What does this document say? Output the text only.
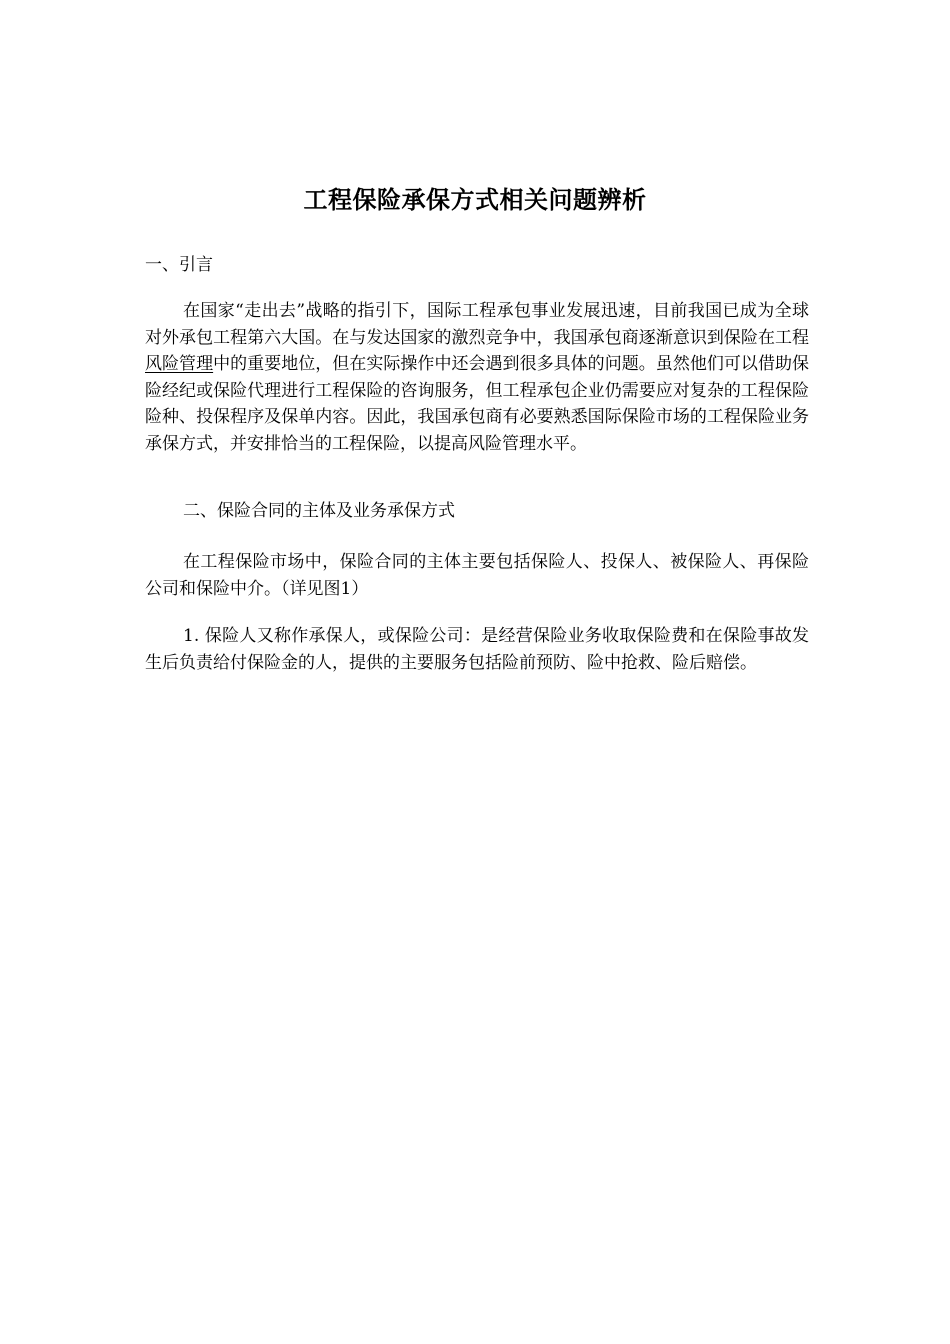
工程保险承保方式相关问题辨析
一、引言

在国家“走出去”战略的指引下，国际工程承包事业发展迅速，目前我国已成为全球对外承包工程第六大国。在与发达国家的激烈竞争中，我国承包商逐渐意识到保险在工程风险管理中的重要地位，但在实际操作中还会遇到很多具体的问题。虽然他们可以借助保险经纪或保险代理进行工程保险的咨询服务，但工程承包企业仍需要应对复杂的工程保险险种、投保程序及保单内容。因此，我国承包商有必要熟悉国际保险市场的工程保险业务承保方式，并安排恰当的工程保险，以提高风险管理水平。

二、保险合同的主体及业务承保方式

在工程保险市场中，保险合同的主体主要包括保险人、投保人、被保险人、再保险公司和保险中介。（详见图1）

1. 保险人又称作承保人，或保险公司：是经营保险业务收取保险费和在保险事故发生后负责给付保险金的人，提供的主要服务包括险前预防、险中抢救、险后赔偿。
